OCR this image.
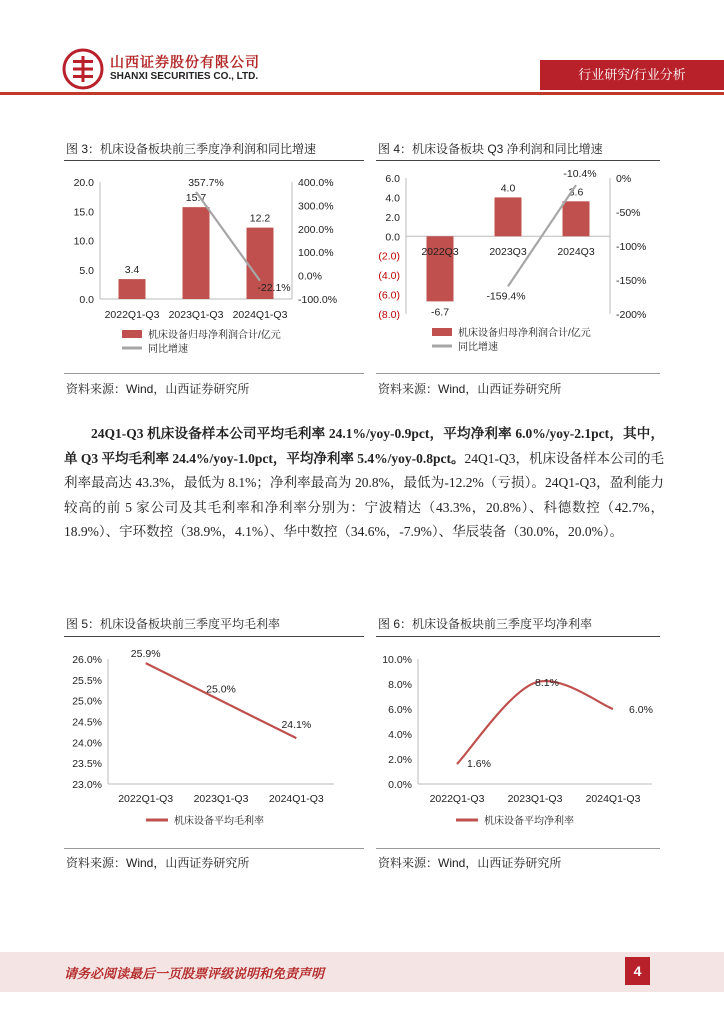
山西证券股份有限公司
SHANXI SECURITIES CO., LTD.	行业研究/行业分析
图 3：机床设备板块前三季度净利润和同比增速
20.0
15.0
10.0
5.0
0.0
400.0%
300.0%
200.0%
100.0%
0.0%
-100.0%
3.4
15.7
12.2
2022Q1-Q3 2023Q1-Q3 2024Q1-Q3
357.7%
-22.1%
机床设备归母净利润合计/亿元
同比增速
资料来源：Wind，山西证券研究所
图 4：机床设备板块 Q3 净利润和同比增速
6.0
4.0
2.0
0.0
(2.0)
(4.0)
(6.0)
(8.0)
0%
-50%
-100%
-150%
-200%
-6.7
4.0	3.6
2022Q3	2023Q3	2024Q3
-159.4%
-10.4%
机床设备归母净利润合计/亿元
同比增速
资料来源：Wind，山西证券研究所
24Q1-Q3 机床设备样本公司平均毛利率 24.1%/yoy-0.9pct，平均净利率 6.0%/yoy-2.1pct，其中，单 Q3 平均毛利率 24.4%/yoy-1.0pct，平均净利率 5.4%/yoy-0.8pct。24Q1-Q3，机床设备样本公司的毛利率最高达 43.3%，最低为 8.1%；净利率最高为 20.8%，最低为-12.2%（亏损）。24Q1-Q3，盈利能力较高的前 5 家公司及其毛利率和净利率分别为：宁波精达（43.3%，20.8%）、科德数控（42.7%，18.9%）、宇环数控（38.9%，4.1%）、华中数控（34.6%，-7.9%）、华辰装备（30.0%，20.0%）。
图 5：机床设备板块前三季度平均毛利率
26.0%
25.5%
25.0%
24.5%
24.0%
23.5%
23.0%
2022Q1-Q3 2023Q1-Q3 2024Q1-Q3
25.9%
25.0%
24.1%
机床设备平均毛利率
资料来源：Wind，山西证券研究所
图 6：机床设备板块前三季度平均净利率
10.0%
8.0%
6.0%
4.0%
2.0%
0.0%
2022Q1-Q3 2023Q1-Q3 2024Q1-Q3
1.6%
8.1%
6.0%
机床设备平均净利率
资料来源：Wind，山西证券研究所
请务必阅读最后一页股票评级说明和免责声明	4
